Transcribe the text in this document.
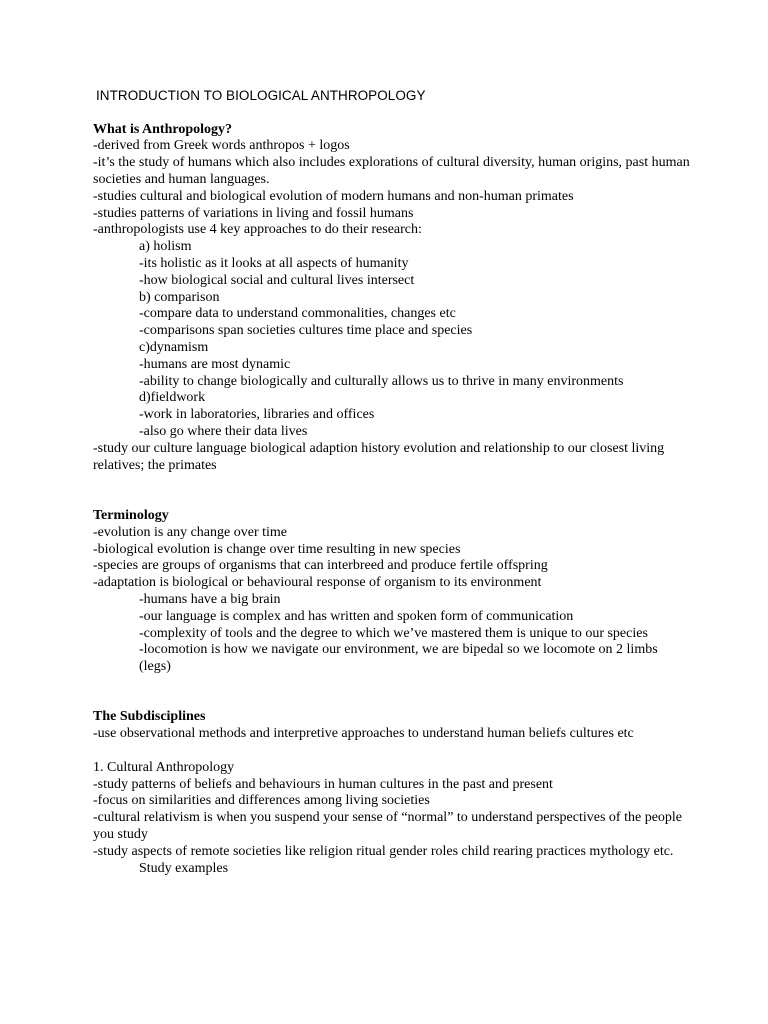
INTRODUCTION TO BIOLOGICAL ANTHROPOLOGY
What is Anthropology?
-derived from Greek words anthropos + logos
-it’s the study of humans which also includes explorations of cultural diversity, human origins, past human societies and human languages.
-studies cultural and biological evolution of modern humans and non-human primates
-studies patterns of variations in living and fossil humans
-anthropologists use 4 key approaches to do their research:
a) holism
-its holistic as it looks at all aspects of humanity
-how biological social and cultural lives intersect
b) comparison
-compare data to understand commonalities, changes etc
-comparisons span societies cultures time place and species
c)dynamism
-humans are most dynamic
-ability to change biologically and culturally allows us to thrive in many environments
d)fieldwork
-work in laboratories, libraries and offices
-also go where their data lives
-study our culture language biological adaption history evolution and relationship to our closest living relatives; the primates
Terminology
-evolution is any change over time
-biological evolution is change over time resulting in new species
-species are groups of organisms that can interbreed and produce fertile offspring
-adaptation is biological or behavioural response of organism to its environment
-humans have a big brain
-our language is complex and has written and spoken form of communication
-complexity of tools and the degree to which we’ve mastered them is unique to our species
-locomotion is how we navigate our environment, we are bipedal so we locomote on 2 limbs (legs)
The Subdisciplines
-use observational methods and interpretive approaches to understand human beliefs cultures etc
1. Cultural Anthropology
-study patterns of beliefs and behaviours in human cultures in the past and present
-focus on similarities and differences among living societies
-cultural relativism is when you suspend your sense of “normal” to understand perspectives of the people you study
-study aspects of remote societies like religion ritual gender roles child rearing practices mythology etc.
Study examples
